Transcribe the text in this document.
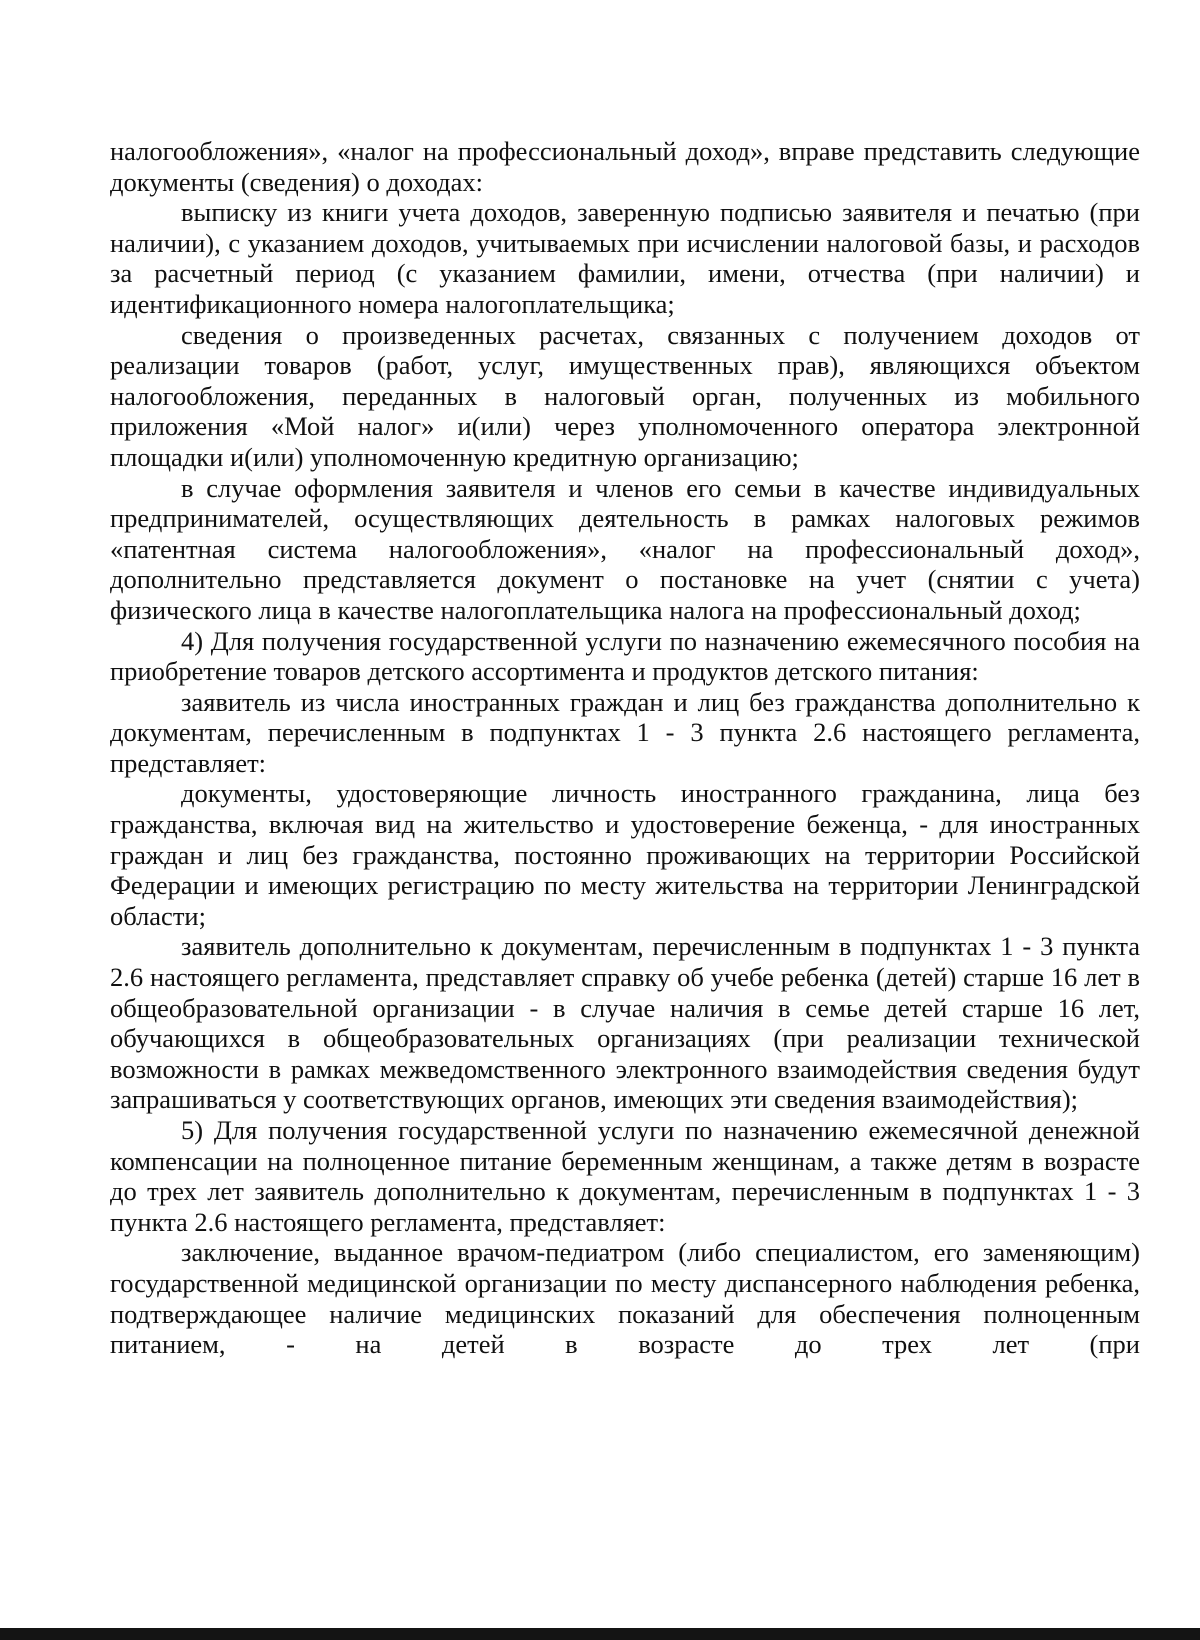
налогообложения», «налог на профессиональный доход», вправе представить следующие документы (сведения) о доходах:

выписку из книги учета доходов, заверенную подписью заявителя и печатью (при наличии), с указанием доходов, учитываемых при исчислении налоговой базы, и расходов за расчетный период (с указанием фамилии, имени, отчества (при наличии) и идентификационного номера налогоплательщика;

сведения о произведенных расчетах, связанных с получением доходов от реализации товаров (работ, услуг, имущественных прав), являющихся объектом налогообложения, переданных в налоговый орган, полученных из мобильного приложения «Мой налог» и(или) через уполномоченного оператора электронной площадки и(или) уполномоченную кредитную организацию;

в случае оформления заявителя и членов его семьи в качестве индивидуальных предпринимателей, осуществляющих деятельность в рамках налоговых режимов «патентная система налогообложения», «налог на профессиональный доход», дополнительно представляется документ о постановке на учет (снятии с учета) физического лица в качестве налогоплательщика налога на профессиональный доход;

4) Для получения государственной услуги по назначению ежемесячного пособия на приобретение товаров детского ассортимента и продуктов детского питания:

заявитель из числа иностранных граждан и лиц без гражданства дополнительно к документам, перечисленным в подпунктах 1 - 3 пункта 2.6 настоящего регламента, представляет:

документы, удостоверяющие личность иностранного гражданина, лица без гражданства, включая вид на жительство и удостоверение беженца, - для иностранных граждан и лиц без гражданства, постоянно проживающих на территории Российской Федерации и имеющих регистрацию по месту жительства на территории Ленинградской области;

заявитель дополнительно к документам, перечисленным в подпунктах 1 - 3 пункта 2.6 настоящего регламента, представляет справку об учебе ребенка (детей) старше 16 лет в общеобразовательной организации - в случае наличия в семье детей старше 16 лет, обучающихся в общеобразовательных организациях (при реализации технической возможности в рамках межведомственного электронного взаимодействия сведения будут запрашиваться у соответствующих органов, имеющих эти сведения взаимодействия);

5) Для получения государственной услуги по назначению ежемесячной денежной компенсации на полноценное питание беременным женщинам, а также детям в возрасте до трех лет заявитель дополнительно к документам, перечисленным в подпунктах 1 - 3 пункта 2.6 настоящего регламента, представляет:

заключение, выданное врачом-педиатром (либо специалистом, его заменяющим) государственной медицинской организации по месту диспансерного наблюдения ребенка, подтверждающее наличие медицинских показаний для обеспечения полноценным питанием, - на детей в возрасте до трех лет (при
